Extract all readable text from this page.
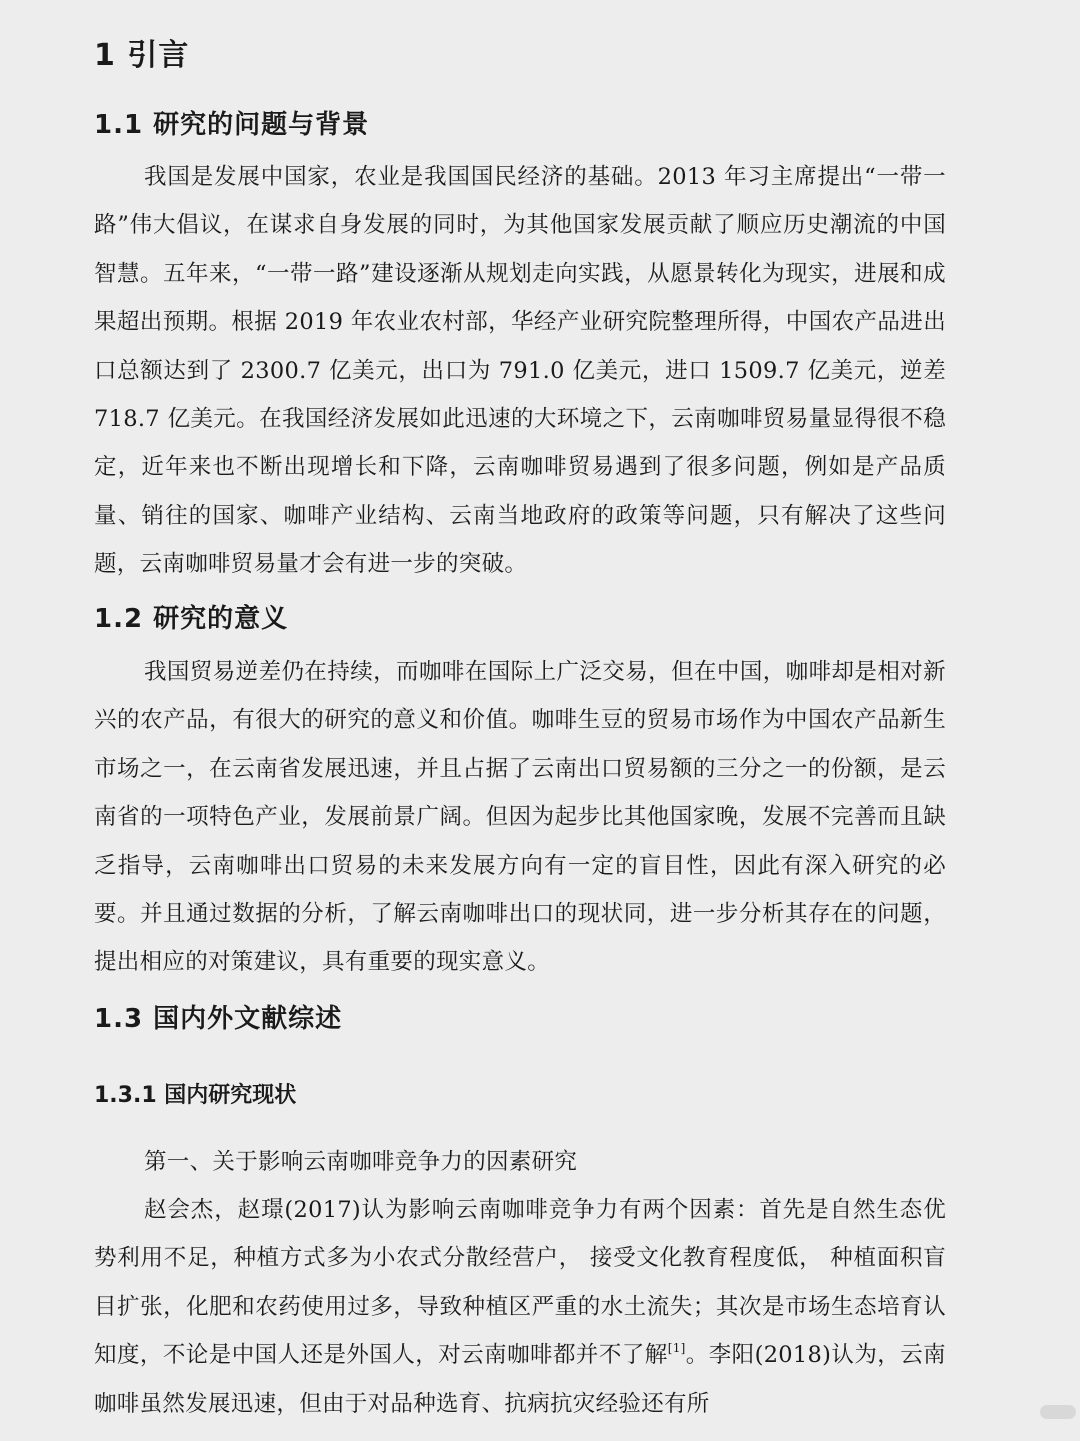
1 引言
1.1 研究的问题与背景
我国是发展中国家，农业是我国国民经济的基础。2013 年习主席提出“一带一路”伟大倡议，在谋求自身发展的同时，为其他国家发展贡献了顺应历史潮流的中国智慧。五年来，“一带一路”建设逐渐从规划走向实践，从愿景转化为现实，进展和成果超出预期。根据 2019 年农业农村部，华经产业研究院整理所得，中国农产品进出口总额达到了 2300.7 亿美元，出口为 791.0 亿美元，进口 1509.7 亿美元，逆差 718.7 亿美元。在我国经济发展如此迅速的大环境之下，云南咖啡贸易量显得很不稳定，近年来也不断出现增长和下降，云南咖啡贸易遇到了很多问题，例如是产品质量、销往的国家、咖啡产业结构、云南当地政府的政策等问题，只有解决了这些问题，云南咖啡贸易量才会有进一步的突破。
1.2 研究的意义
我国贸易逆差仍在持续，而咖啡在国际上广泛交易，但在中国，咖啡却是相对新兴的农产品，有很大的研究的意义和价值。咖啡生豆的贸易市场作为中国农产品新生市场之一，在云南省发展迅速，并且占据了云南出口贸易额的三分之一的份额，是云南省的一项特色产业，发展前景广阔。但因为起步比其他国家晚，发展不完善而且缺乏指导，云南咖啡出口贸易的未来发展方向有一定的盲目性，因此有深入研究的必要。并且通过数据的分析，了解云南咖啡出口的现状同，进一步分析其存在的问题，提出相应的对策建议，具有重要的现实意义。
1.3 国内外文献综述
1.3.1 国内研究现状
第一、关于影响云南咖啡竞争力的因素研究
赵会杰，赵璟(2017)认为影响云南咖啡竞争力有两个因素：首先是自然生态优势利用不足，种植方式多为小农式分散经营户， 接受文化教育程度低， 种植面积盲目扩张，化肥和农药使用过多，导致种植区严重的水土流失；其次是市场生态培育认知度，不论是中国人还是外国人，对云南咖啡都并不了解[1]。李阳(2018)认为，云南咖啡虽然发展迅速，但由于对品种选育、抗病抗灾经验还有所
